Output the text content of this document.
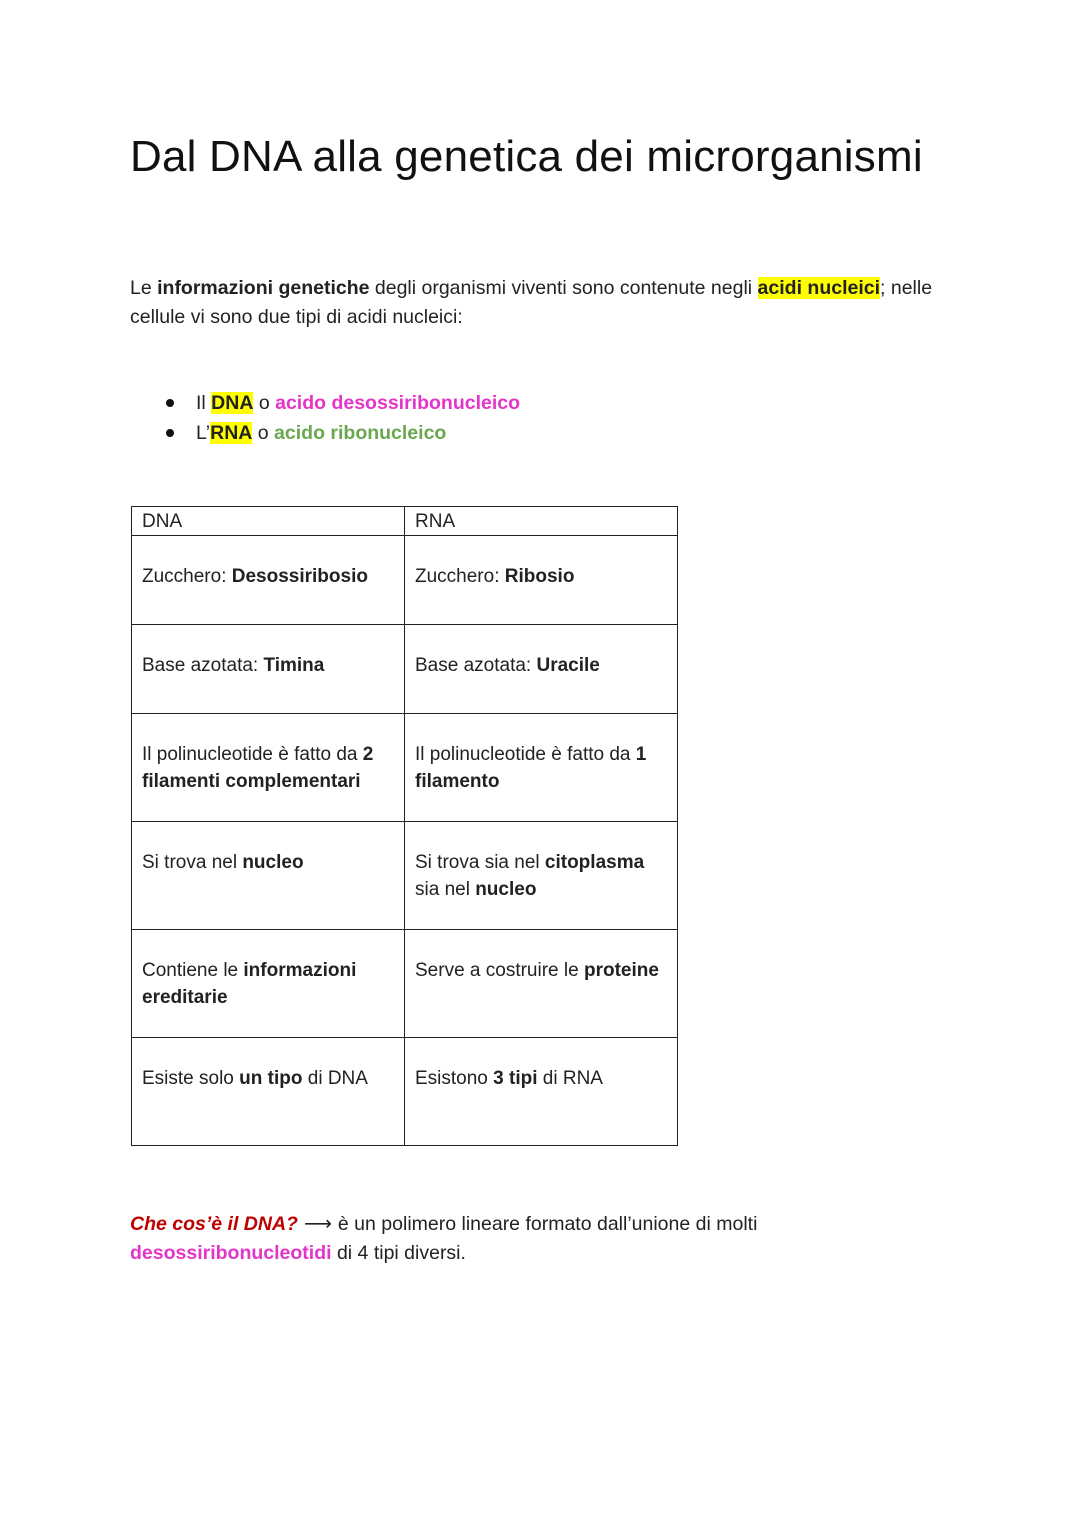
Dal DNA alla genetica dei microrganismi

Le informazioni genetiche degli organismi viventi sono contenute negli acidi nucleici; nelle cellule vi sono due tipi di acidi nucleici:

Il DNA o acido desossiribonucleico
L’RNA o acido ribonucleico
DNA	RNA
Zucchero: Desossiribosio	Zucchero: Ribosio
Base azotata: Timina	Base azotata: Uracile
Il polinucleotide è fatto da 2 filamenti complementari	Il polinucleotide è fatto da 1 filamento
Si trova nel nucleo	Si trova sia nel citoplasma sia nel nucleo
Contiene le informazioni ereditarie	Serve a costruire le proteine
Esiste solo un tipo di DNA	Esistono 3 tipi di RNA

Che cos’è il DNA? ⟶ è un polimero lineare formato dall’unione di molti desossiribonucleotidi di 4 tipi diversi.
